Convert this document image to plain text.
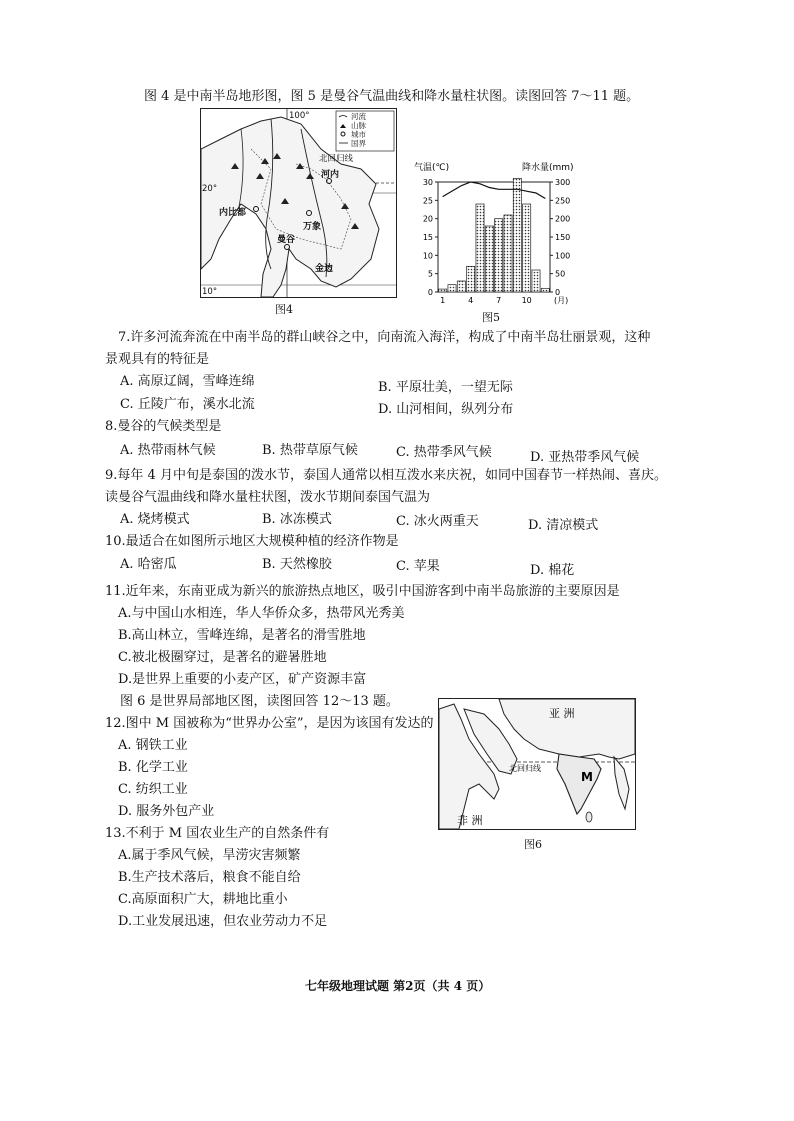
图 4 是中南半岛地形图，图 5 是曼谷气温曲线和降水量柱状图。读图回答 7～11 题。
河流
山脉
城市
国界
100°
20°
10°
北回归线
河内
内比都
万象
曼谷
金边
图4
气温(℃)	降水量(mm)
30
25
20
15
10
5
0
300
250
200
150
100
50
0
1	4	7	10	(月)
图5
7.许多河流奔流在中南半岛的群山峡谷之中，向南流入海洋，构成了中南半岛壮丽景观，这种
景观具有的特征是
A. 高原辽阔，雪峰连绵	B. 平原壮美，一望无际
C. 丘陵广布，溪水北流	D. 山河相间，纵列分布
8.曼谷的气候类型是
A. 热带雨林气候	B. 热带草原气候	C. 热带季风气候	D. 亚热带季风气候
9.每年 4 月中旬是泰国的泼水节，泰国人通常以相互泼水来庆祝，如同中国春节一样热闹、喜庆。
读曼谷气温曲线和降水量柱状图，泼水节期间泰国气温为
A. 烧烤模式	B. 冰冻模式	C. 冰火两重天	D. 清凉模式
10.最适合在如图所示地区大规模种植的经济作物是
A. 哈密瓜	B. 天然橡胶	C. 苹果	D. 棉花
11.近年来，东南亚成为新兴的旅游热点地区，吸引中国游客到中南半岛旅游的主要原因是
A.与中国山水相连，华人华侨众多，热带风光秀美
B.高山林立，雪峰连绵，是著名的滑雪胜地
C.被北极圈穿过，是著名的避暑胜地
D.是世界上重要的小麦产区，矿产资源丰富
图 6 是世界局部地区图，读图回答 12～13 题。
12.图中 M 国被称为“世界办公室”，是因为该国有发达的
A. 钢铁工业
B. 化学工业
C. 纺织工业
D. 服务外包产业
亚 洲
非 洲
北回归线
M
图6
13.不利于 M 国农业生产的自然条件有
A.属于季风气候，旱涝灾害频繁
B.生产技术落后，粮食不能自给
C.高原面积广大，耕地比重小
D.工业发展迅速，但农业劳动力不足
七年级地理试题 第2页（共 4 页）
